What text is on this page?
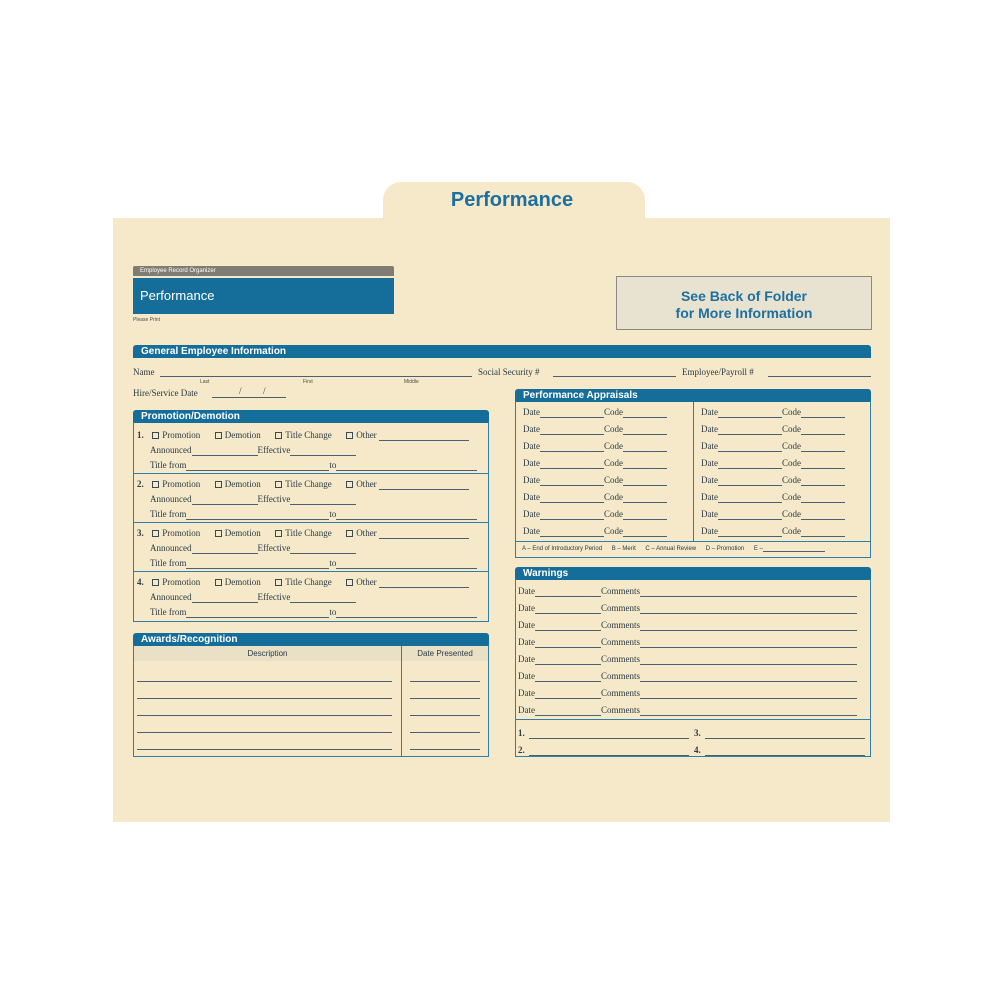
Performance
Employee Record Organizer
Performance
Please Print
See Back of Folder
for More Information
General Employee Information
Name
Last	First	Middle
Social Security #	Employee/Payroll #
Hire/Service Date	/ /
Promotion/Demotion
1. Promotion	Demotion	Title Change	Other
Announced	Effective
Title from	to
2. Promotion	Demotion	Title Change	Other
Announced	Effective
Title from	to
3. Promotion	Demotion	Title Change	Other
Announced	Effective
Title from	to
4. Promotion	Demotion	Title Change	Other
Announced	Effective
Title from	to
Awards/Recognition
Description	Date Presented
Performance Appraisals
Date	Code
Date	Code
Date	Code
Date	Code
Date	Code
Date	Code
Date	Code
Date	Code
Date	Code
Date	Code
Date	Code
Date	Code
Date	Code
Date	Code
Date	Code
Date	Code
A – End of Introductory Period B – Merit C – Annual Review D – Promotion E –
Warnings
Date	Comments
Date	Comments
Date	Comments
Date	Comments
Date	Comments
Date	Comments
Date	Comments
Date	Comments
1.
2.
3.
4.
